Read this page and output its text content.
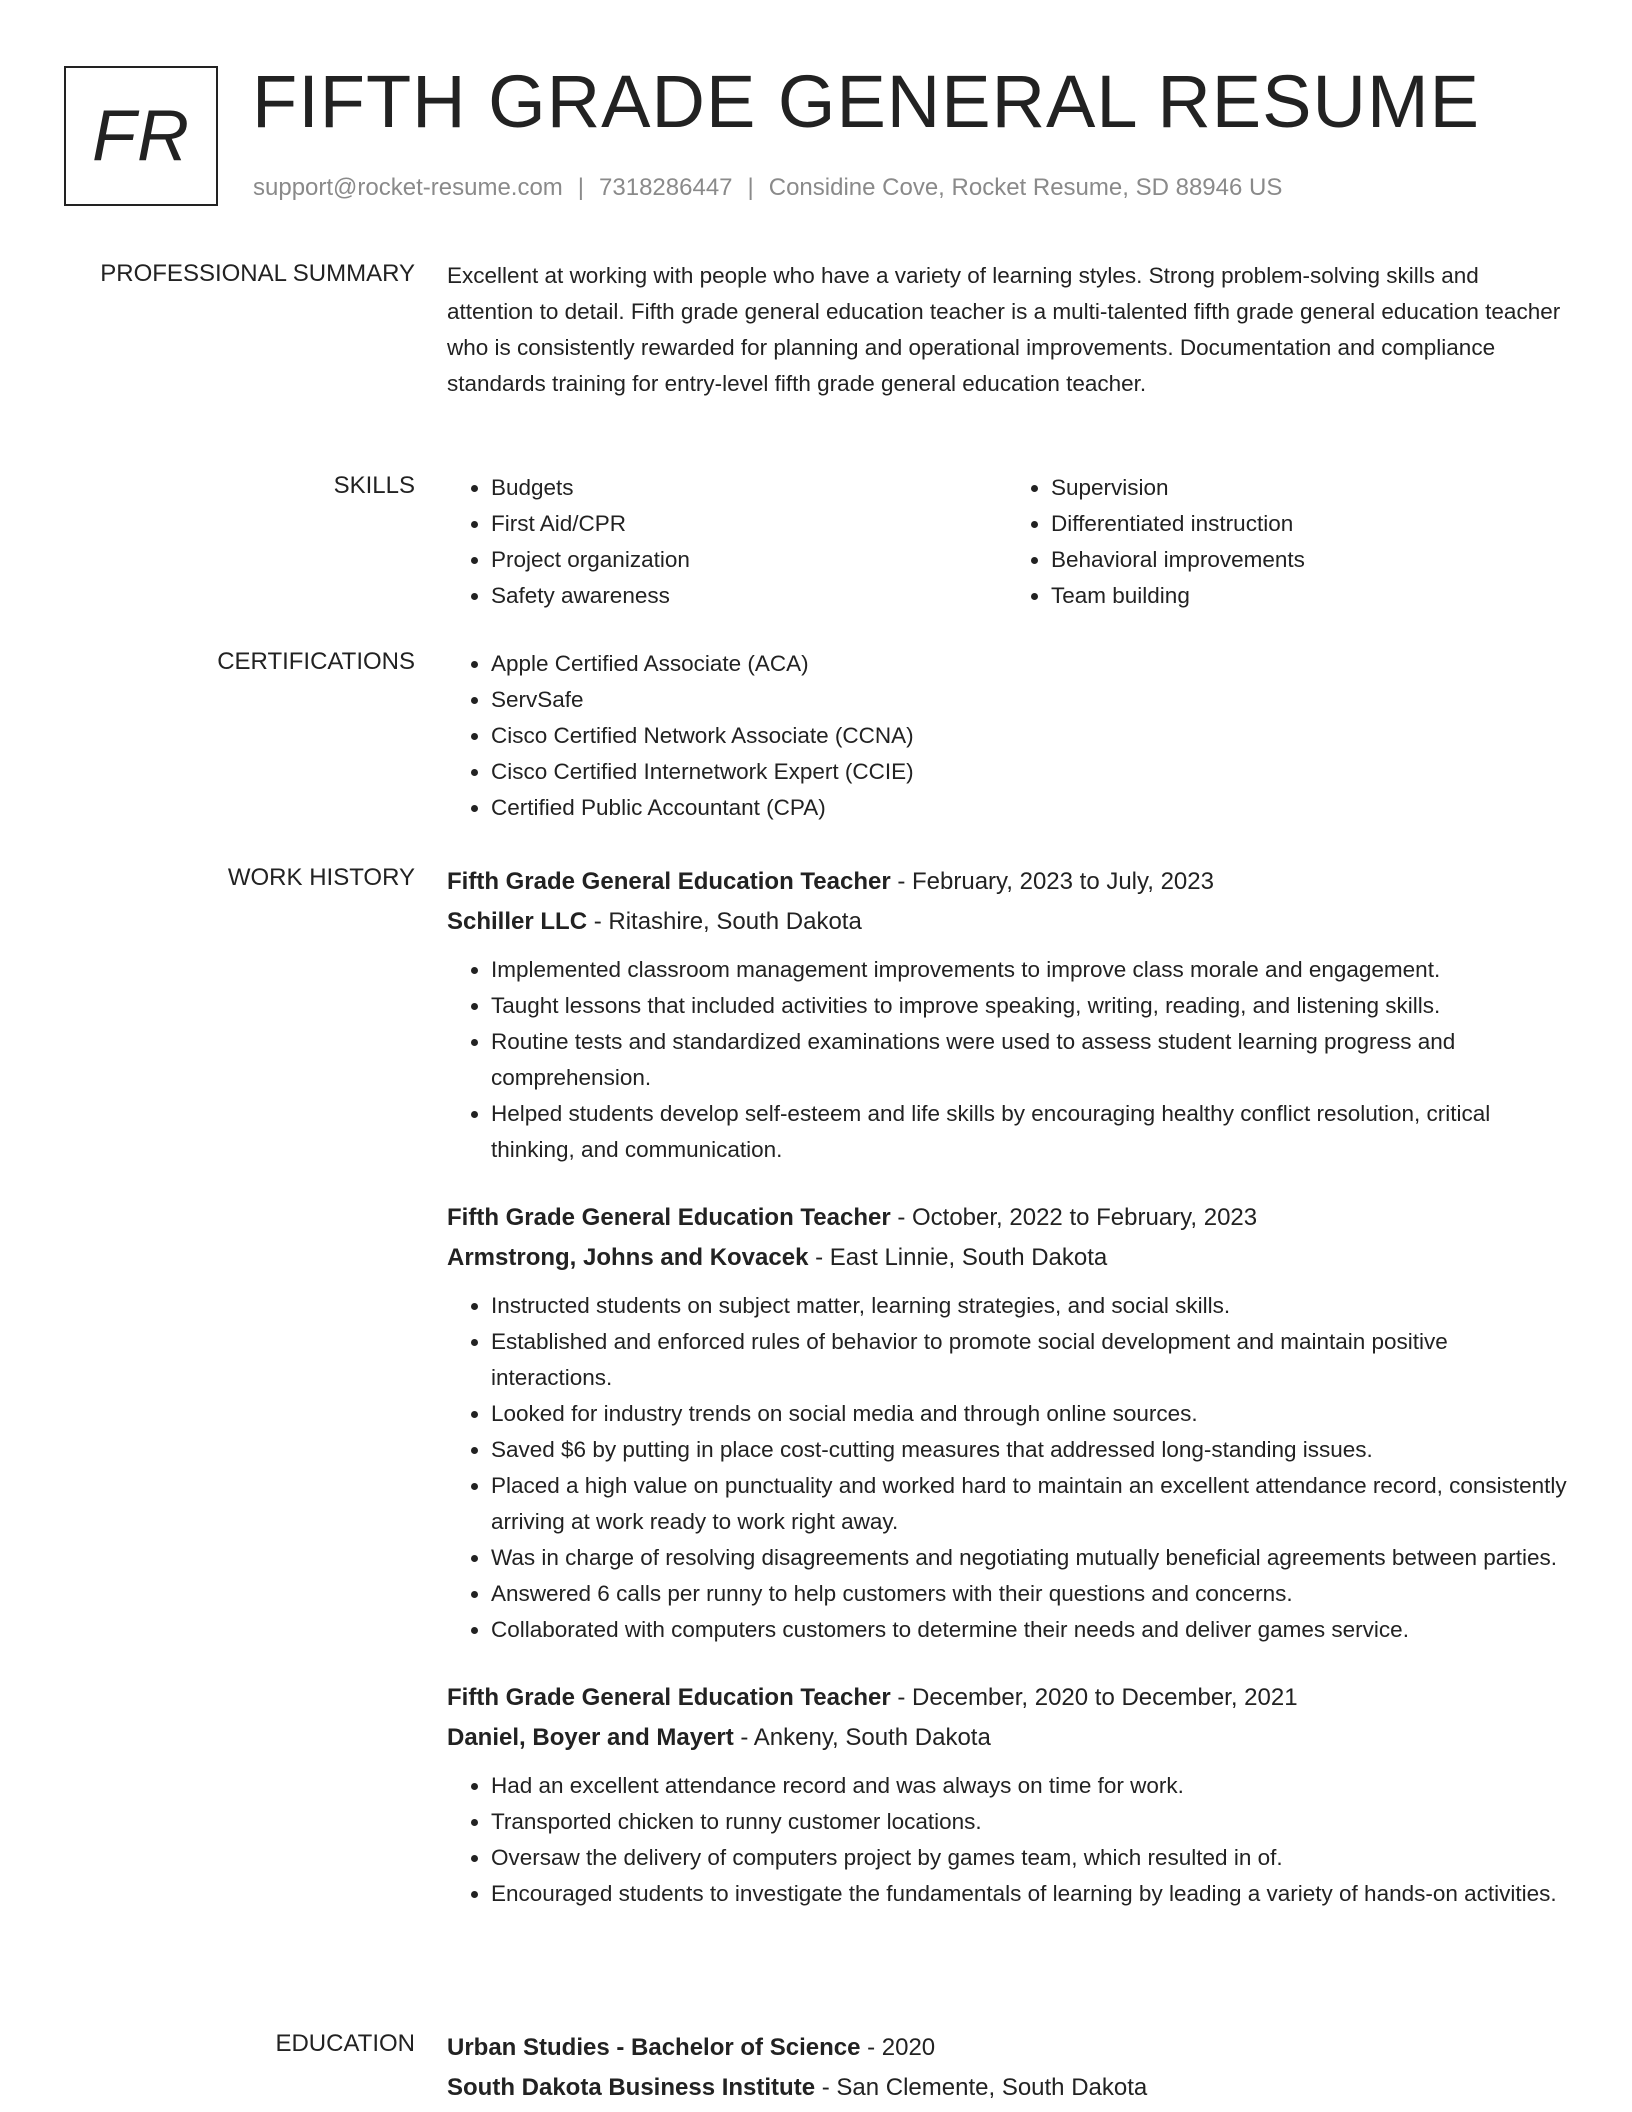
FR FIFTH GRADE GENERAL RESUME
support@rocket-resume.com | 7318286447 | Considine Cove, Rocket Resume, SD 88946 US
PROFESSIONAL SUMMARY Excellent at working with people who have a variety of learning styles. Strong problem-solving skills and attention to detail. Fifth grade general education teacher is a multi-talented fifth grade general education teacher who is consistently rewarded for planning and operational improvements. Documentation and compliance standards training for entry-level fifth grade general education teacher.
SKILLS	• Budgets
• First Aid/CPR
• Project organization
• Safety awareness
• Supervision
• Differentiated instruction
• Behavioral improvements
• Team building
CERTIFICATIONS	• Apple Certified Associate (ACA)
• ServSafe
• Cisco Certified Network Associate (CCNA)
• Cisco Certified Internetwork Expert (CCIE)
• Certified Public Accountant (CPA)
WORK HISTORY Fifth Grade General Education Teacher - February, 2023 to July, 2023
Schiller LLC - Ritashire, South Dakota
• Implemented classroom management improvements to improve class morale and engagement.
• Taught lessons that included activities to improve speaking, writing, reading, and listening skills.
• Routine tests and standardized examinations were used to assess student learning progress and comprehension.
• Helped students develop self-esteem and life skills by encouraging healthy conflict resolution, critical thinking, and communication.
Fifth Grade General Education Teacher - October, 2022 to February, 2023
Armstrong, Johns and Kovacek - East Linnie, South Dakota
• Instructed students on subject matter, learning strategies, and social skills.
• Established and enforced rules of behavior to promote social development and maintain positive interactions.
• Looked for industry trends on social media and through online sources.
• Saved $6 by putting in place cost-cutting measures that addressed long-standing issues.
• Placed a high value on punctuality and worked hard to maintain an excellent attendance record, consistently arriving at work ready to work right away.
• Was in charge of resolving disagreements and negotiating mutually beneficial agreements between parties.
• Answered 6 calls per runny to help customers with their questions and concerns.
• Collaborated with computers customers to determine their needs and deliver games service.
Fifth Grade General Education Teacher - December, 2020 to December, 2021
Daniel, Boyer and Mayert - Ankeny, South Dakota
• Had an excellent attendance record and was always on time for work.
• Transported chicken to runny customer locations.
• Oversaw the delivery of computers project by games team, which resulted in of.
• Encouraged students to investigate the fundamentals of learning by leading a variety of hands-on activities.
EDUCATION Urban Studies - Bachelor of Science - 2020
South Dakota Business Institute - San Clemente, South Dakota
